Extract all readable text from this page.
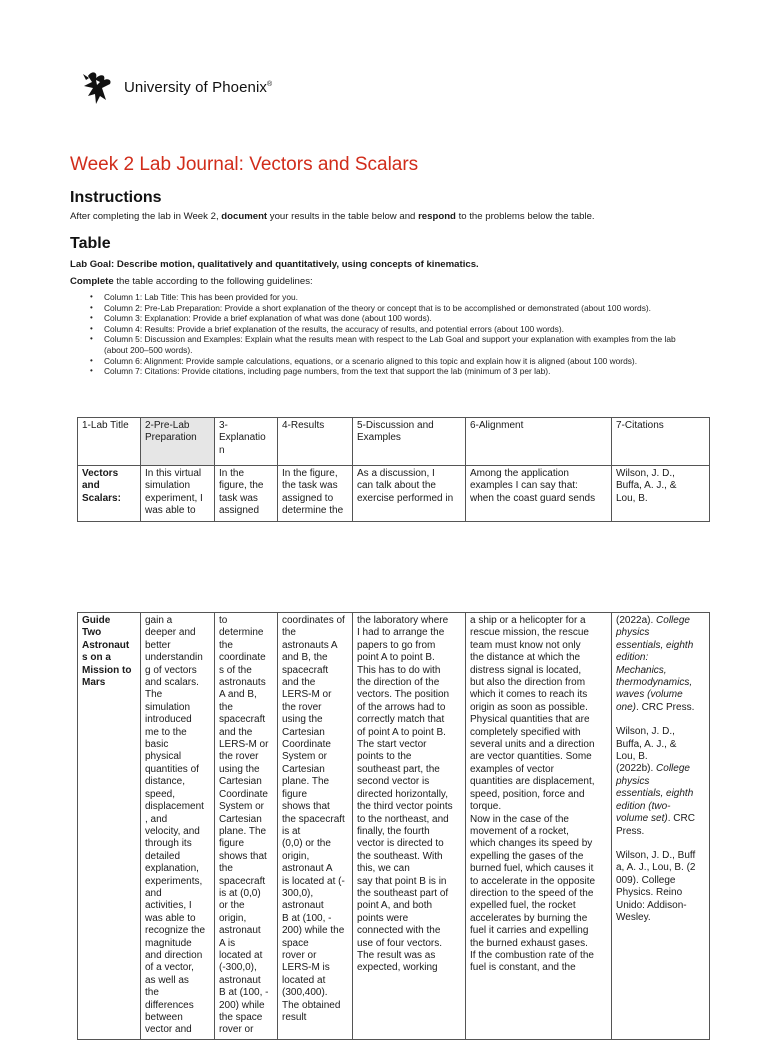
University of Phoenix®
Week 2 Lab Journal: Vectors and Scalars
Instructions
After completing the lab in Week 2, document your results in the table below and respond to the problems below the table.
Table
Lab Goal: Describe motion, qualitatively and quantitatively, using concepts of kinematics.
Complete the table according to the following guidelines:
• Column 1: Lab Title: This has been provided for you.
• Column 2: Pre-Lab Preparation: Provide a short explanation of the theory or concept that is to be accomplished or demonstrated (about 100 words).
• Column 3: Explanation: Provide a brief explanation of what was done (about 100 words).
• Column 4: Results: Provide a brief explanation of the results, the accuracy of results, and potential errors (about 100 words).
• Column 5: Discussion and Examples: Explain what the results mean with respect to the Lab Goal and support your explanation with examples from the lab (about 200–500 words).
• Column 6: Alignment: Provide sample calculations, equations, or a scenario aligned to this topic and explain how it is aligned (about 100 words).
• Column 7: Citations: Provide citations, including page numbers, from the text that support the lab (minimum of 3 per lab).
1-Lab Title	2-Pre-Lab
Preparation	3-
Explanatio
n	4-Results	5-Discussion and
Examples	6-Alignment	7-Citations
Vectors
and
Scalars:	In this virtual
simulation
experiment, I
was able to	In the
figure, the
task was
assigned	In the figure,
the task was
assigned to
determine the	As a discussion, I
can talk about the
exercise performed in	Among the application
examples I can say that:
when the coast guard sends	Wilson, J. D.,
Buffa, A. J., &
Lou, B.
Guide
Two
Astronaut
s on a
Mission to
Mars	gain a
deeper and
better
understandin
g of vectors
and scalars.
The
simulation
introduced
me to the
basic
physical
quantities of
distance,
speed,
displacement
, and
velocity, and
through its
detailed
explanation,
experiments,
and
activities, I
was able to
recognize the
magnitude
and direction
of a vector,
as well as
the
differences
between
vector and	to
determine
the
coordinate
s of the
astronauts
A and B,
the
spacecraft
and the
LERS-M or
the rover
using the
Cartesian
Coordinate
System or
Cartesian
plane. The
figure
shows that
the
spacecraft
is at (0,0)
or the
origin,
astronaut
A is
located at
(-300,0),
astronaut
B at (100, -
200) while
the space
rover or	coordinates of
the
astronauts A
and B, the
spacecraft
and the
LERS-M or
the rover
using the
Cartesian
Coordinate
System or
Cartesian
plane. The
figure
shows that
the spacecraft
is at
(0,0) or the
origin,
astronaut A
is located at (-
300,0),
astronaut
B at (100, -
200) while the
space
rover or
LERS-M is
located at
(300,400).
The obtained
result	the laboratory where
I had to arrange the
papers to go from
point A to point B.
This has to do with
the direction of the
vectors. The position
of the arrows had to
correctly match that
of point A to point B.
The start vector
points to the
southeast part, the
second vector is
directed horizontally,
the third vector points
to the northeast, and
finally, the fourth
vector is directed to
the southeast. With
this, we can
say that point B is in
the southeast part of
point A, and both
points were
connected with the
use of four vectors.
The result was as
expected, working	a ship or a helicopter for a
rescue mission, the rescue
team must know not only
the distance at which the
distress signal is located,
but also the direction from
which it comes to reach its
origin as soon as possible.
Physical quantities that are
completely specified with
several units and a direction
are vector quantities. Some
examples of vector
quantities are displacement,
speed, position, force and
torque.
Now in the case of the
movement of a rocket,
which changes its speed by
expelling the gases of the
burned fuel, which causes it
to accelerate in the opposite
direction to the speed of the
expelled fuel, the rocket
accelerates by burning the
fuel it carries and expelling
the burned exhaust gases.
If the combustion rate of the
fuel is constant, and the	(2022a). College
physics
essentials, eighth
edition:
Mechanics,
thermodynamics,
waves (volume
one). CRC Press.
Wilson, J. D.,
Buffa, A. J., &
Lou, B.
(2022b). College
physics
essentials, eighth
edition (two-
volume set). CRC
Press.
Wilson, J. D., Buff
a, A. J., Lou, B. (2
009). College
Physics. Reino
Unido: Addison-
Wesley.
